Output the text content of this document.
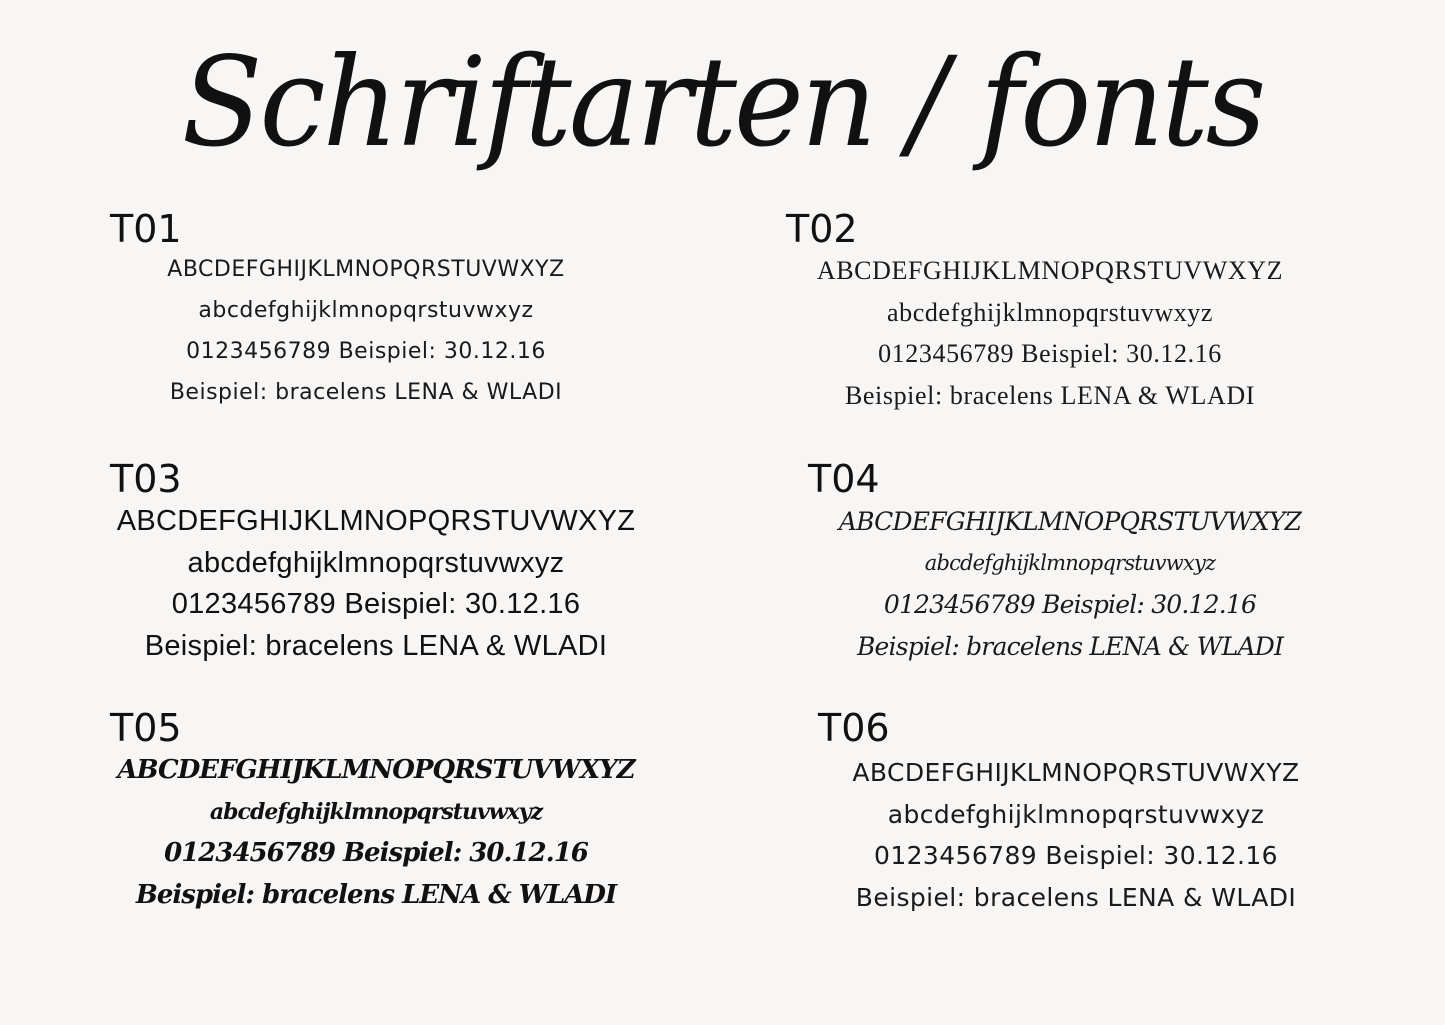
Schriftarten / fonts
T01
ABCDEFGHIJKLMNOPQRSTUVWXYZ
abcdefghijklmnopqrstuvwxyz
0123456789 Beispiel: 30.12.16
Beispiel: bracelens LENA & WLADI
T02
ABCDEFGHIJKLMNOPQRSTUVWXYZ
abcdefghijklmnopqrstuvwxyz
0123456789 Beispiel: 30.12.16
Beispiel: bracelens LENA & WLADI
T03
ABCDEFGHIJKLMNOPQRSTUVWXYZ
abcdefghijklmnopqrstuvwxyz
0123456789 Beispiel: 30.12.16
Beispiel: bracelens LENA & WLADI
T04
ABCDEFGHIJKLMNOPQRSTUVWXYZ
abcdefghijklmnopqrstuvwxyz
0123456789 Beispiel: 30.12.16
Beispiel: bracelens LENA & WLADI
T05
ABCDEFGHIJKLMNOPQRSTUVWXYZ
abcdefghijklmnopqrstuvwxyz
0123456789 Beispiel: 30.12.16
Beispiel: bracelens LENA & WLADI
T06
ABCDEFGHIJKLMNOPQRSTUVWXYZ
abcdefghijklmnopqrstuvwxyz
0123456789 Beispiel: 30.12.16
Beispiel: bracelens LENA & WLADI
